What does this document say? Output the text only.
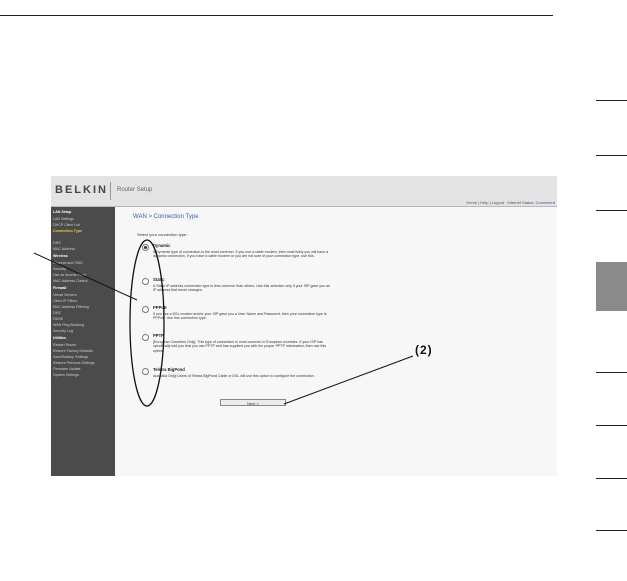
BELKIN Router Setup
Home | Help | Logout Internet Status: Connected
LAN Setup
LAN Settings
DHCP Client List
Connection Type
DNS
MAC Address
Wireless
Channel and SSID
Security
Use as Access Point
MAC Address Control
Firewall
Virtual Servers
Client IP Filters
MAC Address Filtering
DMZ
DDNS
WAN Ping Blocking
Security Log
Utilities
Restart Router
Restore Factory Defaults
Save/Backup Settings
Restore Previous Settings
Firmware Update
System Settings
WAN > Connection Type
Select your connection type :
Dynamic
A Dynamic type of connection is the most common. If you use a cable modem, then most likely you will have a dynamic connection. If you have a cable modem or you are not sure of your connection type, use this.
Static
A Static IP address connection type is less common than others. Use this selection only if your ISP gave you an IP address that never changes.
PPPoE
If you use a DSL modem and/or your ISP gave you a User Name and Password, then your connection type is PPPoE. Use this connection type.
PPTP
[European Countries Only]. This type of connection is most common in European countries. If your ISP has specifically told you that you use PPTP and has supplied you with the proper PPTP information, then use this option.
Telstra BigPond
Australia Only] Users of Telstra BigPond Cable or DSL will use this option to configure the connection.
Next >
(2)
